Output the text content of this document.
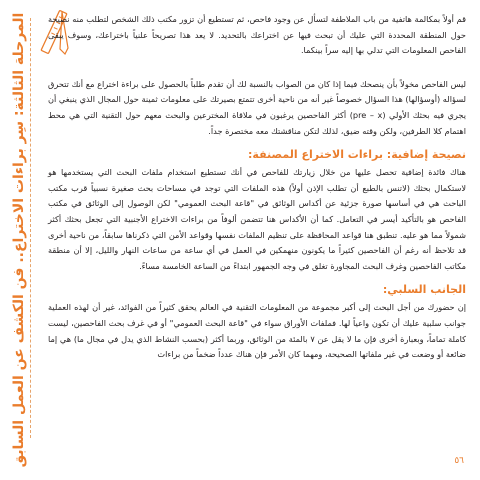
المرحلة الثالثة: سِر براءات الاختراع.. فن الكشف عن العمل السابق	قم أولاً بمكالمة هاتفية من باب الملاطفة لتسأل عن وجود فاحص، ثم تستطيع أن تزور مكتب ذلك الشخص لتطلب منه نصيحة حول المنطقة المحددة التي عليك أن تبحث فيها عن اختراعك بالتحديد. لا يعد هذا تصريحاً علنياً باختراعك، وسوف يبقى الفاحص المعلومات التي تدلي بها إليه سراً بينكما.

ليس الفاحص مخولاً بأن ينصحك فيما إذا كان من الصواب بالنسبة لك أن تقدم طلباً بالحصول على براءة اختراع مع أنك تتحرق لسؤاله (أوسؤالها) هذا السؤال خصوصاً غير أنه من ناحية أخرى تتمتع بصيرتك على معلومات ثمينة حول المجال الذي ينبغي أن يجري فيه بحثك الأولي (pre – x) أكثر الفاحصين يرغبون في ملاقاة المخترعين والبحث معهم حول التقنية التي هي محط اهتمام كلا الطرفين، ولكن وقته ضيق، لذلك لتكن مناقشتك معه مختصرة جداً.

نصيحة إضافية: براءات الاختراع المصنفة:

هناك فائدة إضافية تحصل عليها من خلال زيارتك للفاحص في أنك تستطيع استخدام ملفات البحث التي يستخدمها هو لاستكمال بحثك (لاتنس بالطبع أن تطلب الإذن أولاً) هذه الملفات التي توجد في مساحات بحث صغيرة نسبياً قرب مكتب الباحث هي في أساسها صورة جزئية عن أكداس الوثائق في "قاعة البحث العمومي" لكن الوصول إلى الوثائق في مكتب الفاحص هو بالتأكيد أيسر في التعامل. كما أن الأكداس هنا تتضمن ألوفاً من براءات الاختراع الأجنبية التي تجعل بحثك أكثر شمولاً مما هو عليه. تنطبق هنا قواعد المحافظة على تنظيم الملفات نفسها وقواعد الأمن التي ذكرناها سابقاً، من ناحية أخرى قد تلاحظ أنه رغم أن الفاحصين كثيراً ما يكونون منهمكين في العمل في أي ساعة من ساعات النهار والليل، إلا أن منطقة مكاتب الفاحصين وغرف البحث المجاورة تغلق في وجه الجمهور ابتداءً من الساعة الخامسة مساءً.

الجانب السلبي:

إن حضورك من أجل البحث إلى أكبر مجموعة من المعلومات التقنية في العالم يحقق كثيراً من الفوائد، غير أن لهذه العملية جوانب سلبية عليك أن تكون واعياً لها. فملفات الأوراق سواء في "قاعة البحث العمومي" أو في غرف بحث الفاحصين، ليست كاملة تماماً، وبعبارة أخرى فإن ما لا يقل عن ٧ بالمئة من الوثائق، وربما أكثر (بحسب النشاط الذي يدل في مجال ما) هي إما ضائعة أو وضعت في غير ملفاتها الصحيحة، ومهما كان الأمر فإن هناك عدداً ضخماً من براءات

٥٦
